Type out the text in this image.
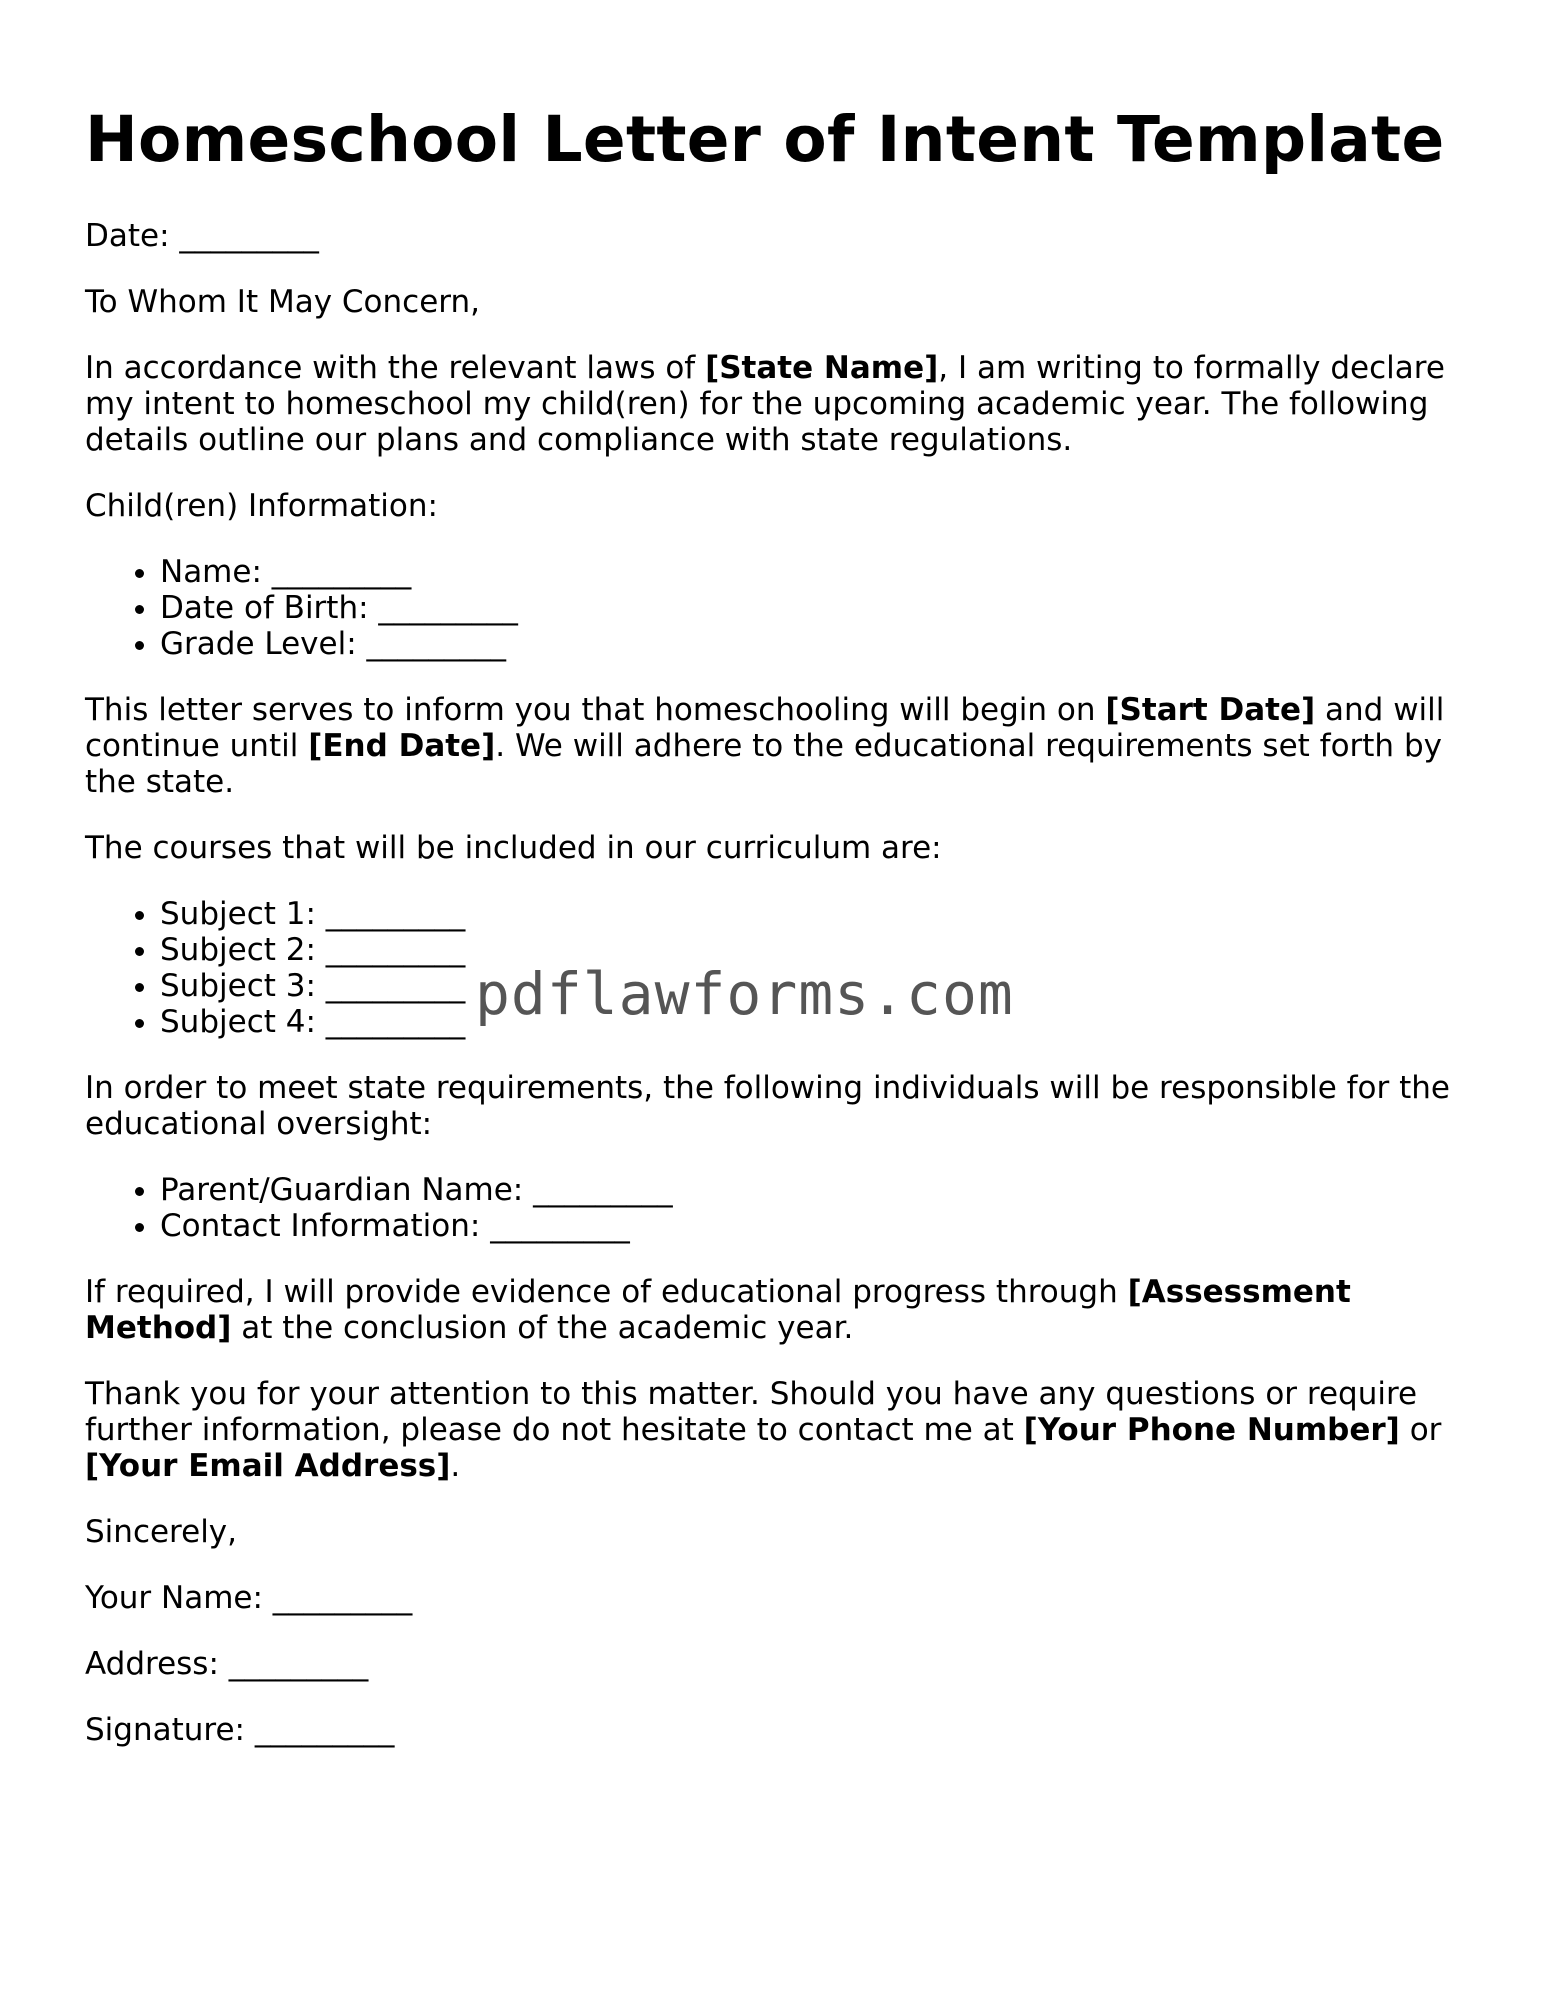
Homeschool Letter of Intent Template

Date: _________

To Whom It May Concern,

In accordance with the relevant laws of [State Name], I am writing to formally declare my intent to homeschool my child(ren) for the upcoming academic year. The following details outline our plans and compliance with state regulations.

Child(ren) Information:

• Name: _________
• Date of Birth: _________
• Grade Level: _________

This letter serves to inform you that homeschooling will begin on [Start Date] and will continue until [End Date]. We will adhere to the educational requirements set forth by the state.

The courses that will be included in our curriculum are:

• Subject 1: _________
• Subject 2: _________
• Subject 3: _________
• Subject 4: _________

In order to meet state requirements, the following individuals will be responsible for the educational oversight:

• Parent/Guardian Name: _________
• Contact Information: _________

If required, I will provide evidence of educational progress through [Assessment Method] at the conclusion of the academic year.

Thank you for your attention to this matter. Should you have any questions or require further information, please do not hesitate to contact me at [Your Phone Number] or [Your Email Address].

Sincerely,

Your Name: _________

Address: _________

Signature: _________

pdflawforms.com
